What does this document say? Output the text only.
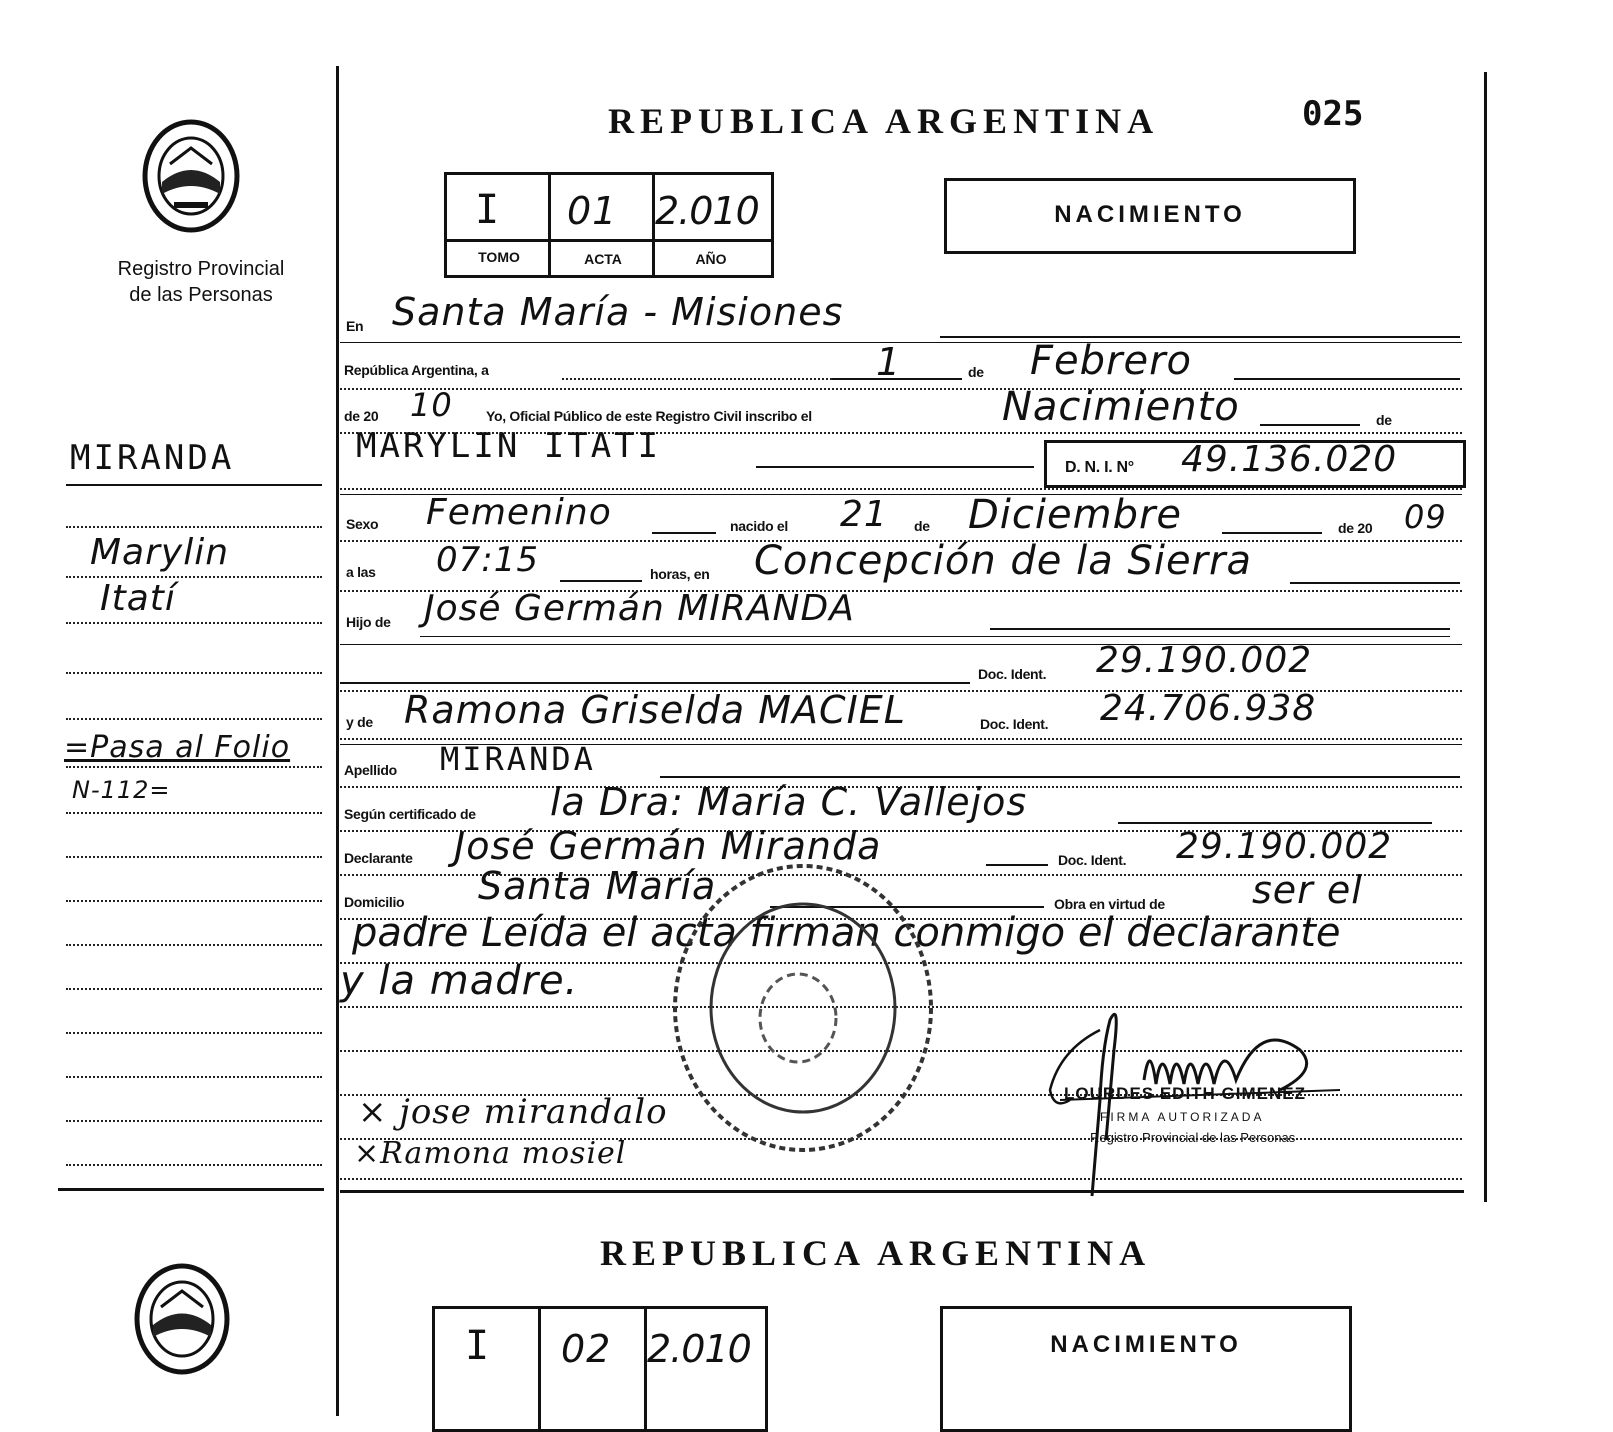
Registro Provincial
de las Personas
MIRANDA
Marylin
Itatí
=Pasa al Folio
N-112=
REPUBLICA ARGENTINA	025
I 01 2.010
TOMO	ACTA	AÑO
NACIMIENTO
En Santa María - Misiones
República Argentina, a	1	de Febrero
de 20 10 Yo, Oficial Público de este Registro Civil inscribo el	Nacimiento	de
MARYLIN ITATI
D. N. I. N° 49.136.020
Sexo Femenino	nacido el 21 de Diciembre	de 20 09
a las 07:15	horas, en Concepción de la Sierra
Hijo de José Germán MIRANDA
Doc. Ident. 29.190.002
y de Ramona Griselda MACIEL	Doc. Ident. 24.706.938
Apellido MIRANDA
Según certificado de la Dra: María C. Vallejos
Declarante José Germán Miranda	Doc. Ident. 29.190.002
Domicilio Santa María	Obra en virtud de ser el
padre Leída el acta firman conmigo el declarante
y la madre.
× jose mirandalo
×Ramona mosiel
LOURDES EDITH GIMENEZ
FIRMA AUTORIZADA
Registro Provincial de las Personas
REPUBLICA ARGENTINA
I 02 2.010	NACIMIENTO
